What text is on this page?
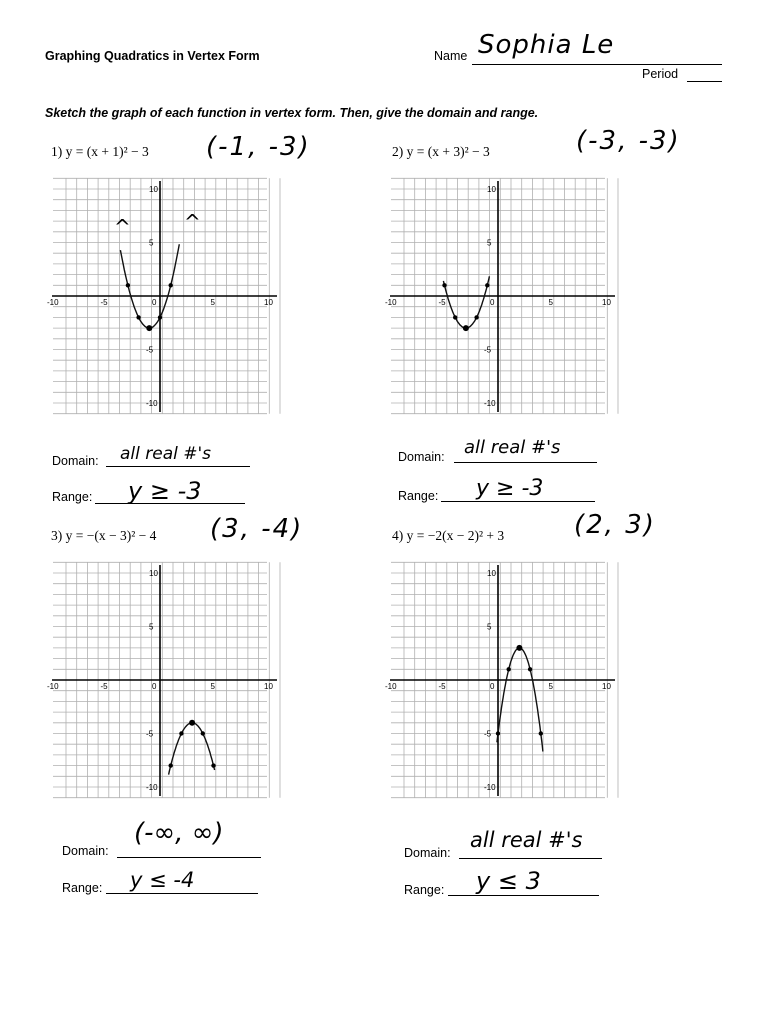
Graphing Quadratics in Vertex Form	Name Sophia Le
Period
Sketch the graph of each function in vertex form. Then, give the domain and range.
1) y = (x + 1)² − 3 (-1, -3)
-10
-10
-5
-5
0	5
5
10
10
^	^
Domain: all real #'s
Range: y ≥ -3
2) y = (x + 3)² − 3	(-3, -3)
-10
-10
-5
-5
0	5
5
10
10
Domain: all real #'s
Range: y ≥ -3
3) y = −(x − 3)² − 4 (3, -4)
-10
-10
-5
-5
0	5
5
10
10
Domain:
(-∞, ∞)
Range: y ≤ -4
4) y = −2(x − 2)² + 3	(2, 3)
-10
-10
-5
-5
0	5
5
10
10
Domain:
all real #'s
Range: y ≤ 3
